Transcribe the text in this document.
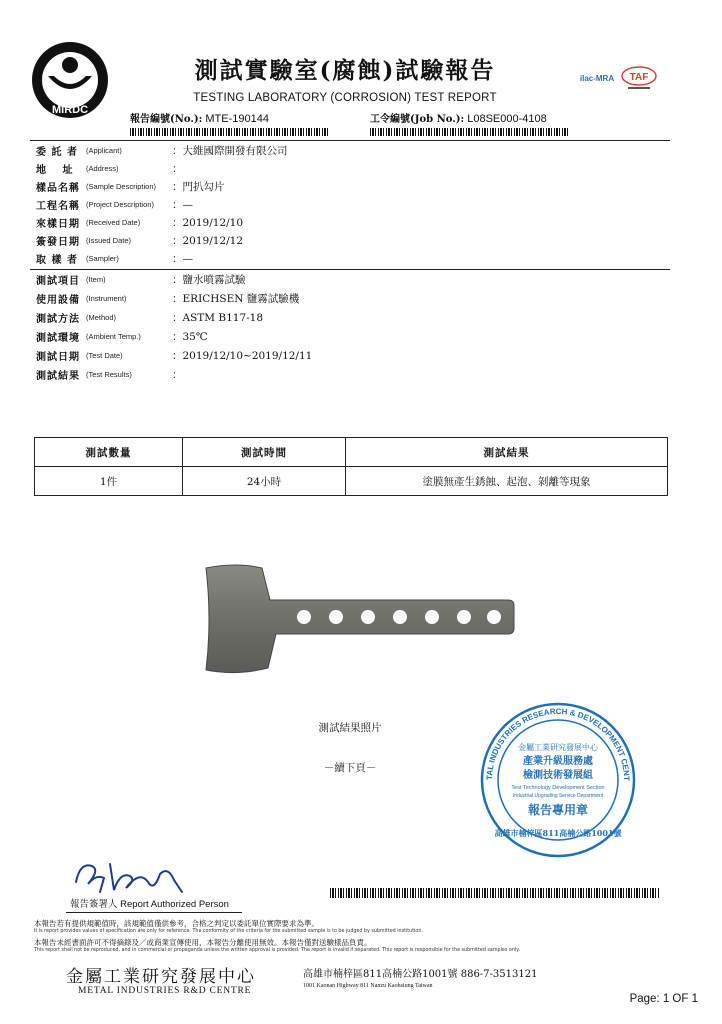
MIRDC
測試實驗室(腐蝕)試驗報告
TESTING LABORATORY (CORROSION) TEST REPORT
ilac-MRA TAF
報告編號(No.): MTE-190144	工令編號(Job No.): L08SE000-4108
委 託 者	(Applicant)	：大維國際開發有限公司
地　 址	(Address)	：
樣品名稱 (Sample Description)	：門扒勾片
工程名稱 (Project Description)	：—
來樣日期 (Received Date)	：2019/12/10
簽發日期 (Issued Date)	：2019/12/12
取 樣 者	(Sampler)	：—
測試項目 (Item)	：鹽水噴霧試驗
使用設備 (Instrument)	：ERICHSEN 鹽霧試驗機
測試方法 (Method)	：ASTM B117-18
測試環境 (Ambient Temp.)	：35℃
測試日期 (Test Date)	：2019/12/10~2019/12/11
測試結果 (Test Results)	：
測試數量	測試時間	測試結果
1件	24小時	塗膜無產生銹蝕、起泡、剝離等現象
測試結果照片
－續下頁－
TAL INDUSTRIES RESEARCH & DEVELOPMENT CENT
金屬工業研究發展中心
產業升級服務處
檢測技術發展組
Test Technology Development Section
Industrial Upgrading Service Department
報告專用章
高雄市楠梓區811高楠公路1001號
報告簽署人 Report Authorized Person
本報告若有提供規範值時，該規範值僅供參考，合格之判定以委託單位實際要求為準。
It is report provides values of specification are only for reference. The conformity of the criteria for the submitted sample is to be judged by submitted institution.
本報告未經書面許可不得摘錄及／或商業宣傳使用，本報告分離使用無效。本報告僅對送驗樣品負責。
This report shall not be reproduced, and in commercial or propaganda unless the written approval is provided. The report is invalid if separated. This report is responsible for the submitted samples only.
金屬工業研究發展中心
METAL INDUSTRIES R&D CENTRE
高雄市楠梓區811高楠公路1001號 886-7-3513121
1001 Kaonan Highway 811 Nanzu Kaohsiung Taiwan
Page: 1 OF 1
